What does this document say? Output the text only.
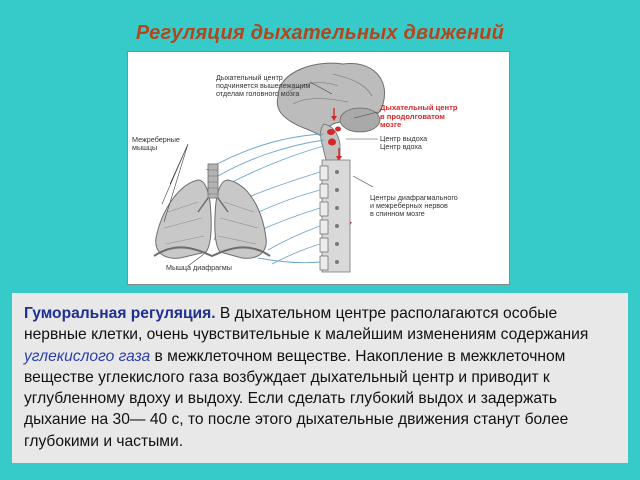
Регуляция дыхательных движений
Дыхательный центр
подчиняется вышележащим
отделам головного мозга
Межреберные
мышцы
Дыхательный центр
в продолговатом
мозге
Центр выдоха
Центр вдоха
Центры диафрагмального
и межреберных нервов
в спинном мозге
Мышца диафрагмы
Гуморальная регуляция. В дыхательном центре располагаются особые нервные клетки, очень чувствительные к малейшим изменениям содержания углекислого газа в межклеточном веществе. Накопление в межклеточном веществе углекислого газа возбуждает дыхательный центр и приводит к углубленному вдоху и выдоху. Если сделать глубокий выдох и задержать дыхание на 30— 40 с, то после этого дыхательные движения станут более глубокими и частыми.
